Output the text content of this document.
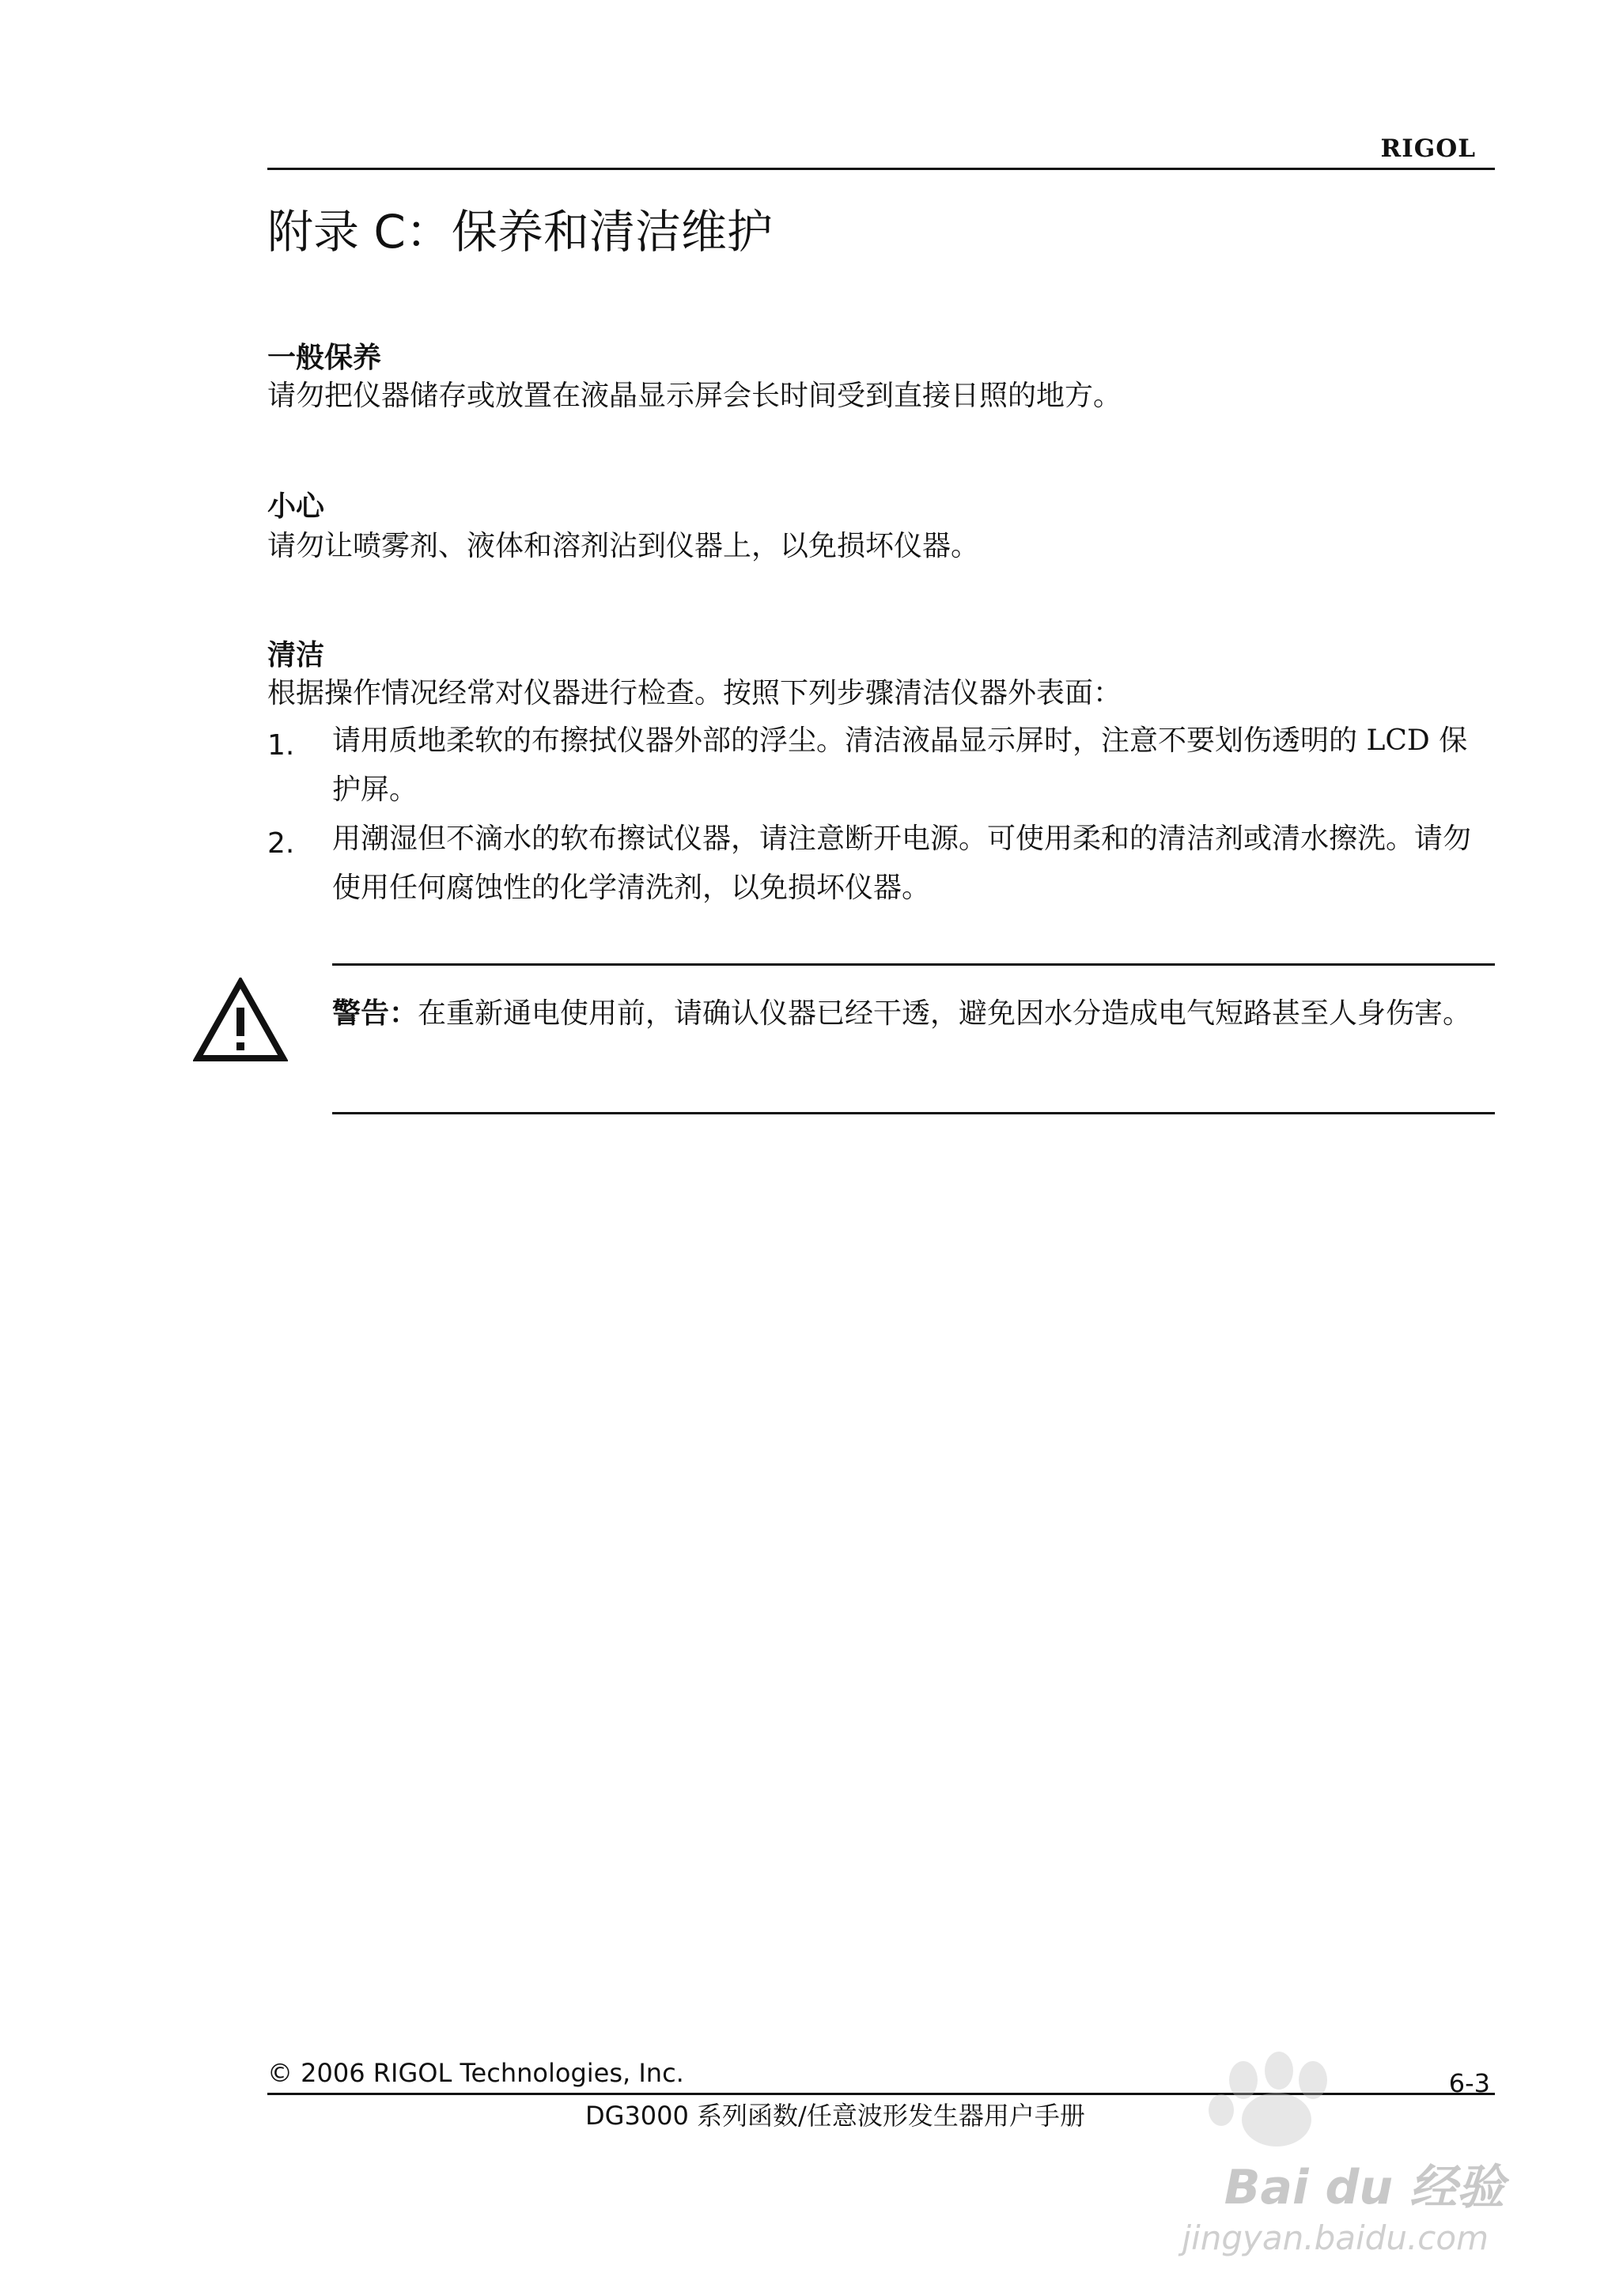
RIGOL
附录 C：保养和清洁维护
一般保养
请勿把仪器储存或放置在液晶显示屏会长时间受到直接日照的地方。
小心
请勿让喷雾剂、液体和溶剂沾到仪器上，以免损坏仪器。
清洁
根据操作情况经常对仪器进行检查。按照下列步骤清洁仪器外表面：
1. 请用质地柔软的布擦拭仪器外部的浮尘。清洁液晶显示屏时，注意不要划伤透明的 LCD 保护屏。
2. 用潮湿但不滴水的软布擦试仪器，请注意断开电源。可使用柔和的清洁剂或清水擦洗。请勿使用任何腐蚀性的化学清洗剂，以免损坏仪器。
警告：在重新通电使用前，请确认仪器已经干透，避免因水分造成电气短路甚至人身伤害。
© 2006 RIGOL Technologies, Inc.	6-3
DG3000 系列函数/任意波形发生器用户手册
Bai du 经验
jingyan.baidu.com
